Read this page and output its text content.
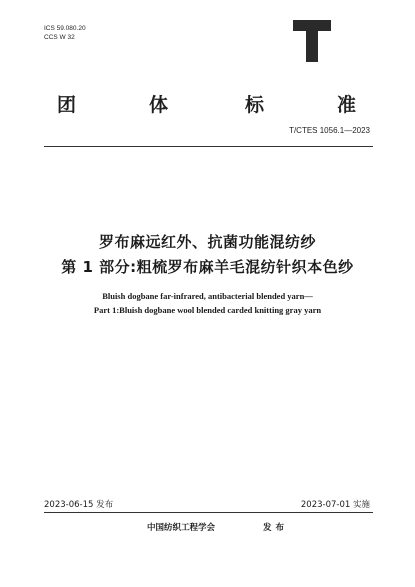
ICS 59.080.20
CCS W 32
团	体	标	准
T/CTES 1056.1—2023
罗布麻远红外、抗菌功能混纺纱
第 1 部分:粗梳罗布麻羊毛混纺针织本色纱
Bluish dogbane far-infrared, antibacterial blended yarn—
Part 1:Bluish dogbane wool blended carded knitting gray yarn
2023-06-15 发布	2023-07-01 实施
中国纺织工程学会	发布
